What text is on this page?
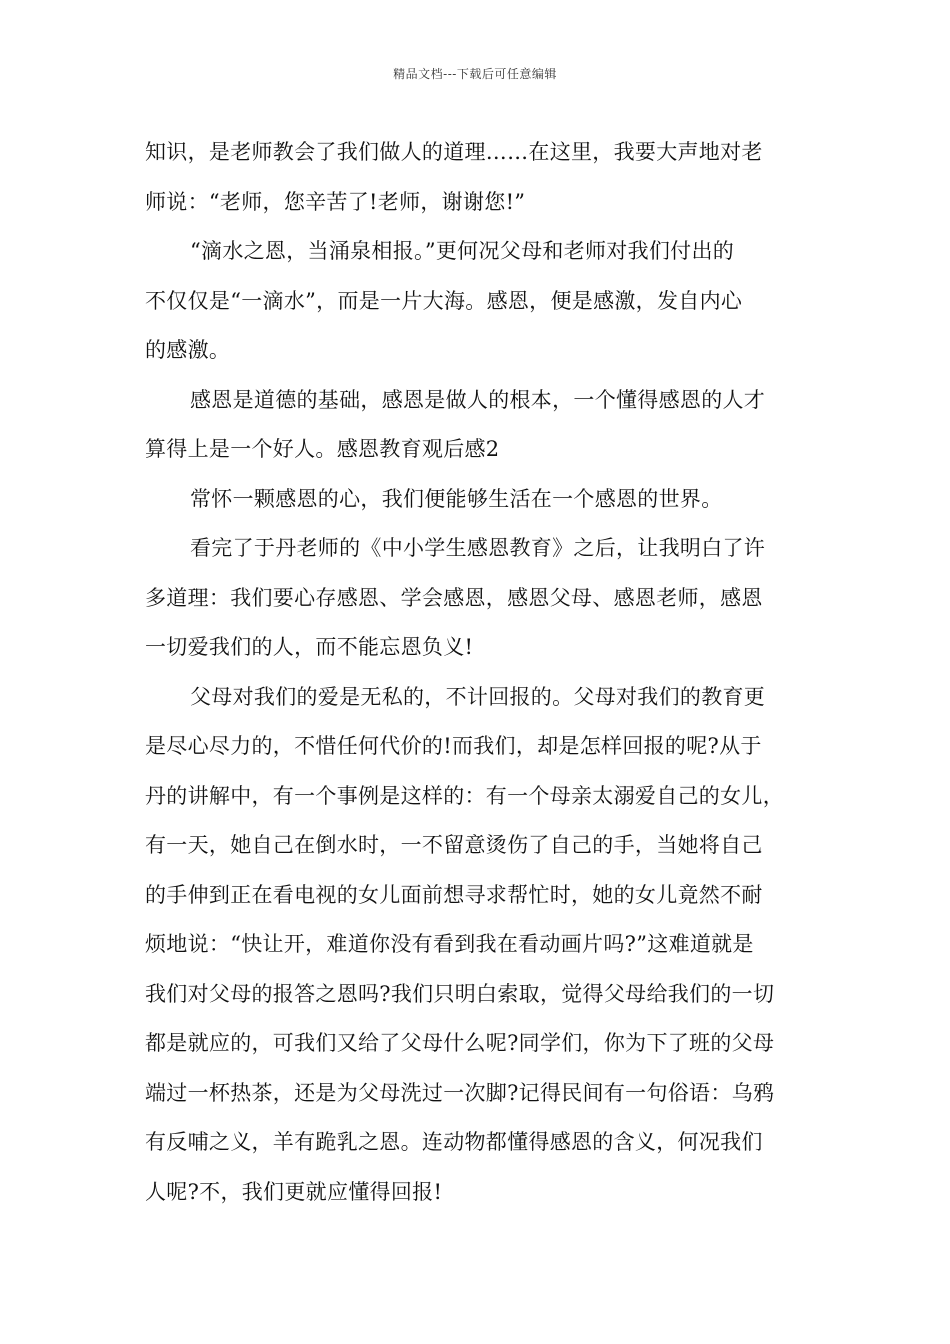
精品文档---下载后可任意编辑
知识，是老师教会了我们做人的道理……在这里，我要大声地对老
师说：“老师，您辛苦了!老师，谢谢您!”
“滴水之恩，当涌泉相报。”更何况父母和老师对我们付出的
不仅仅是“一滴水”，而是一片大海。感恩，便是感激，发自内心
的感激。
感恩是道德的基础，感恩是做人的根本，一个懂得感恩的人才
算得上是一个好人。感恩教育观后感2
常怀一颗感恩的心，我们便能够生活在一个感恩的世界。
看完了于丹老师的《中小学生感恩教育》之后，让我明白了许
多道理：我们要心存感恩、学会感恩，感恩父母、感恩老师，感恩
一切爱我们的人，而不能忘恩负义!
父母对我们的爱是无私的，不计回报的。父母对我们的教育更
是尽心尽力的，不惜任何代价的!而我们，却是怎样回报的呢?从于
丹的讲解中，有一个事例是这样的：有一个母亲太溺爱自己的女儿，
有一天，她自己在倒水时，一不留意烫伤了自己的手，当她将自己
的手伸到正在看电视的女儿面前想寻求帮忙时，她的女儿竟然不耐
烦地说：“快让开，难道你没有看到我在看动画片吗?”这难道就是
我们对父母的报答之恩吗?我们只明白索取，觉得父母给我们的一切
都是就应的，可我们又给了父母什么呢?同学们，你为下了班的父母
端过一杯热茶，还是为父母洗过一次脚?记得民间有一句俗语：乌鸦
有反哺之义，羊有跪乳之恩。连动物都懂得感恩的含义，何况我们
人呢?不，我们更就应懂得回报!
